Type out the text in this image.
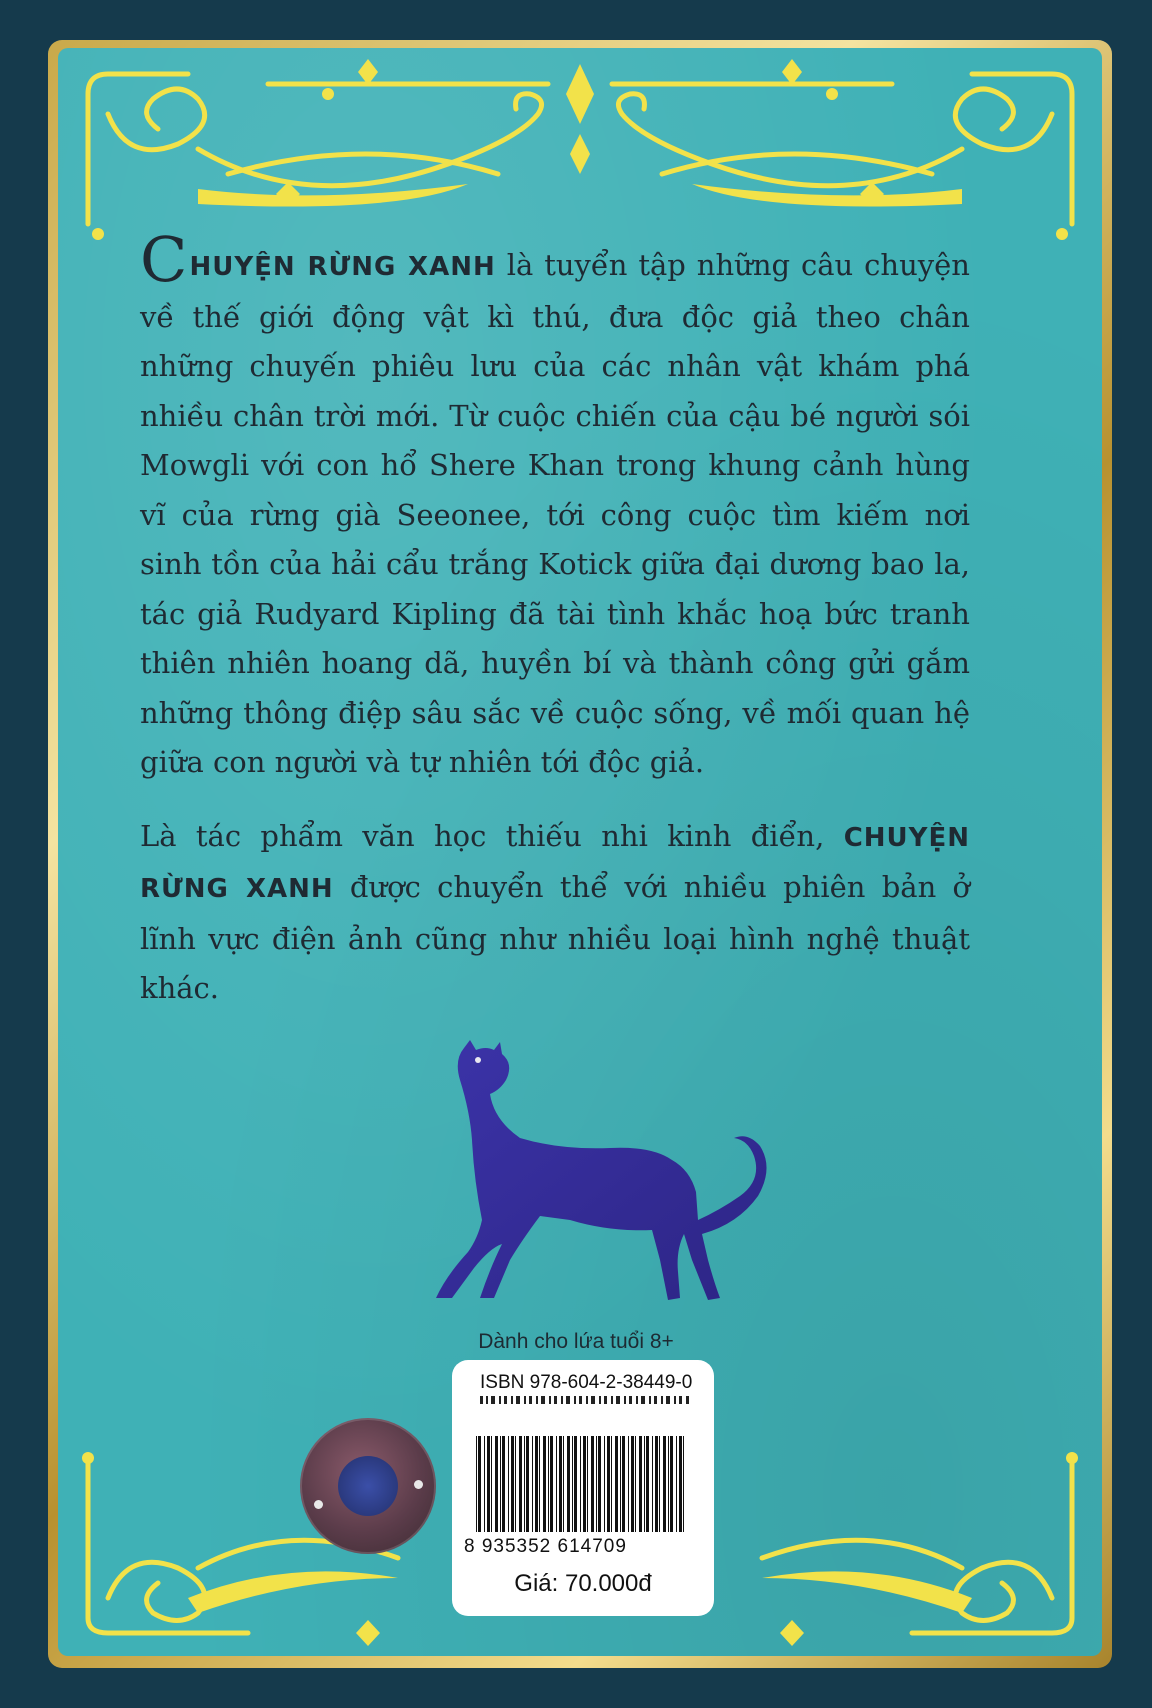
CHUYỆN RỪNG XANH là tuyển tập những câu chuyện về thế giới động vật kì thú, đưa độc giả theo chân những chuyến phiêu lưu của các nhân vật khám phá nhiều chân trời mới. Từ cuộc chiến của cậu bé người sói Mowgli với con hổ Shere Khan trong khung cảnh hùng vĩ của rừng già Seeonee, tới công cuộc tìm kiếm nơi sinh tồn của hải cẩu trắng Kotick giữa đại dương bao la, tác giả Rudyard Kipling đã tài tình khắc hoạ bức tranh thiên nhiên hoang dã, huyền bí và thành công gửi gắm những thông điệp sâu sắc về cuộc sống, về mối quan hệ giữa con người và tự nhiên tới độc giả.

Là tác phẩm văn học thiếu nhi kinh điển, CHUYỆN RỪNG XANH được chuyển thể với nhiều phiên bản ở lĩnh vực điện ảnh cũng như nhiều loại hình nghệ thuật khác.

Dành cho lứa tuổi 8+
ISBN 978-604-2-38449-0
8 935352 614709
Giá: 70.000đ
